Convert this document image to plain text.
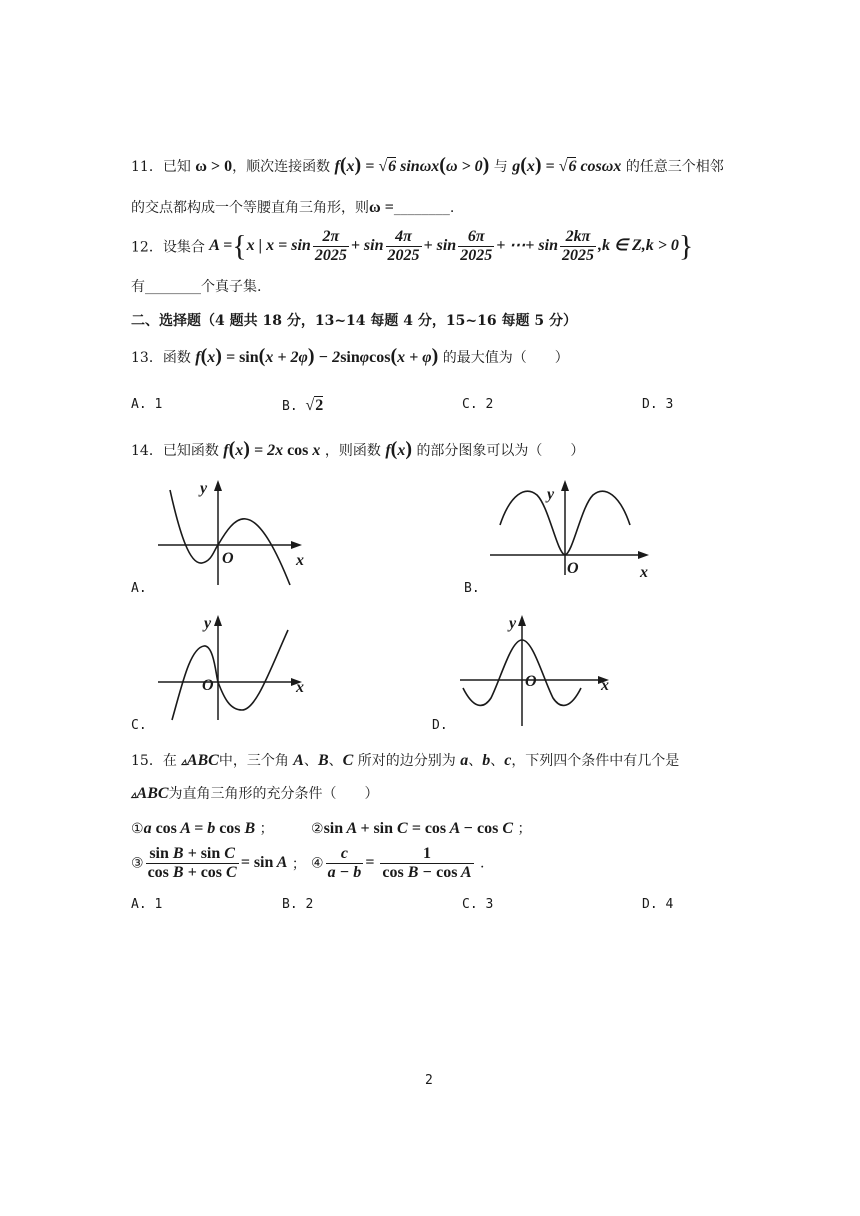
11．已知 ω > 0，顺次连接函数 f(x) = √6 sinωx(ω > 0) 与 g(x) = √6 cosωx 的任意三个相邻
的交点都构成一个等腰直角三角形，则ω =________.
12．设集合 A ={x | $x = \sin \frac{2\pi}{2025} + \sin \frac{4\pi}{2025} + \sin \frac{6\pi}{2025}$ + ⋯+ $\sin \frac{2k\pi}{2025} ,k$ ∈ Z,k > 0}
有________个真子集.
二、选择题（4 题共 18 分，13~14 每题 4 分，15~16 每题 5 分）
13．函数 f(x) = sin(x + 2φ) − 2sinφcos(x + φ) 的最大值为（　　）
A. 1	B. √2	C. 2	D. 3
14．已知函数 f(x) = 2x cos x ，则函数 f(x) 的部分图象可以为（　　）
y
O	x
A.
y
O	x
B.
y
O	x
C.
y
O	x
D.
15．在 ▵ABC中，三个角 A、B、C 所对的边分别为 a、b、c，下列四个条件中有几个是
▵ABC为直角三角形的充分条件（　　）
①a cos A = b cos B ；	②sin A + sin C = cos A − cos C ；
③ $\frac{\text{sin B + sin C}}{\text{cos B + cos C}} = \sin A$ ； ④ $\frac{c}{a - b} = \frac{1}{\text{cos B − cos A}}$ .
A. 1	B. 2	C. 3	D. 4
2
